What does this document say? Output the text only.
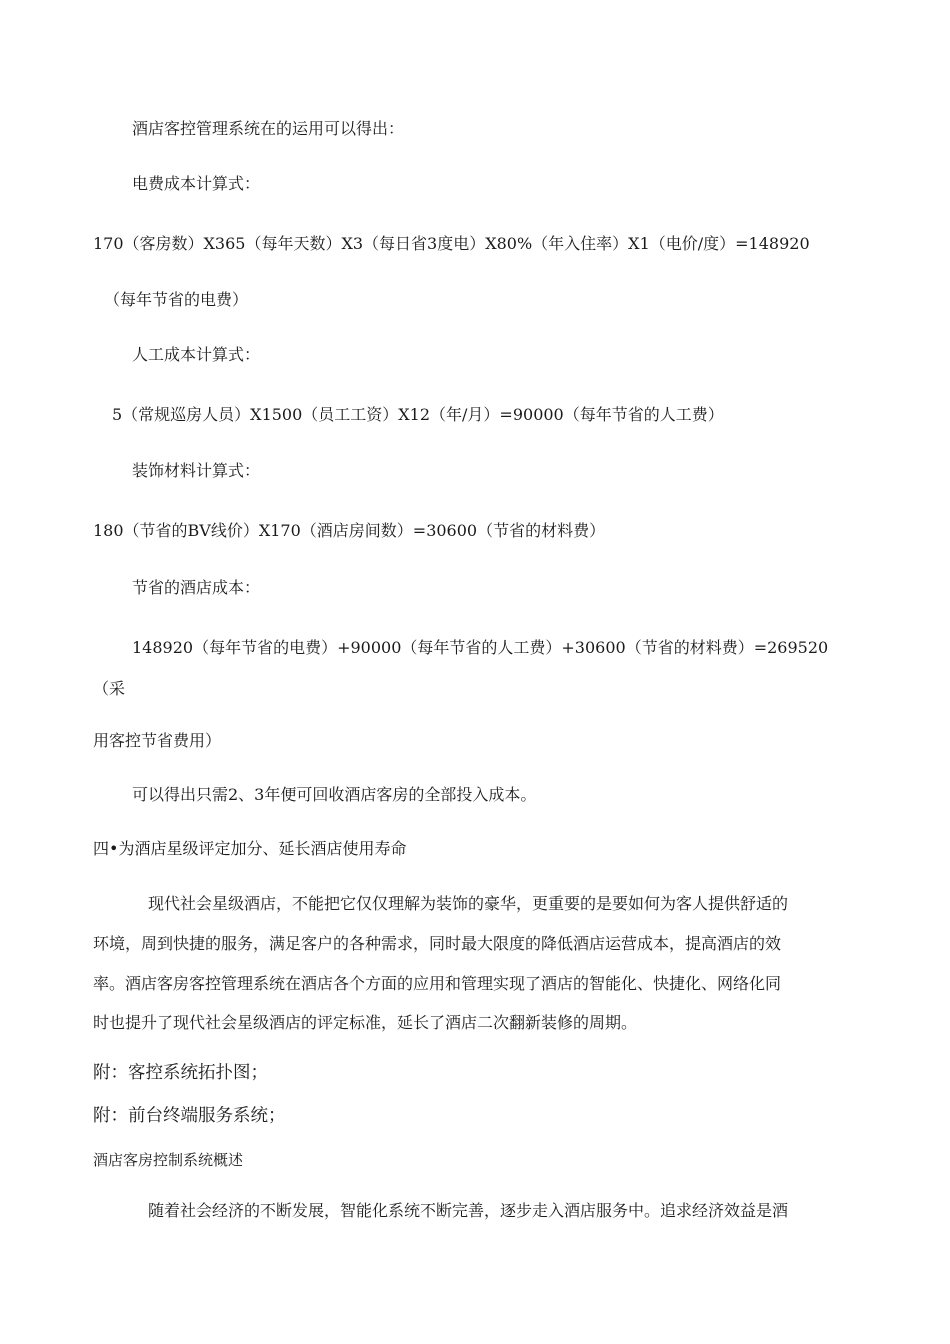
酒店客控管理系统在的运用可以得出：
电费成本计算式：
170（客房数）X365（每年天数）X3（每日省3度电）X80%（年入住率）X1（电价/度）=148920
（每年节省的电费）
人工成本计算式：
5（常规巡房人员）X1500（员工工资）X12（年/月）=90000（每年节省的人工费）
装饰材料计算式：
180（节省的BV线价）X170（酒店房间数）=30600（节省的材料费）
节省的酒店成本：
148920（每年节省的电费）+90000（每年节省的人工费）+30600（节省的材料费）=269520
（采
用客控节省费用）
可以得出只需2、3年便可回收酒店客房的全部投入成本。
四•为酒店星级评定加分、延长酒店使用寿命
现代社会星级酒店，不能把它仅仅理解为装饰的豪华，更重要的是要如何为客人提供舒适的
环境，周到快捷的服务，满足客户的各种需求，同时最大限度的降低酒店运营成本，提高酒店的效
率。酒店客房客控管理系统在酒店各个方面的应用和管理实现了酒店的智能化、快捷化、网络化同
时也提升了现代社会星级酒店的评定标准，延长了酒店二次翻新装修的周期。
附：客控系统拓扑图；
附：前台终端服务系统；
酒店客房控制系统概述
随着社会经济的不断发展，智能化系统不断完善，逐步走入酒店服务中。追求经济效益是酒
